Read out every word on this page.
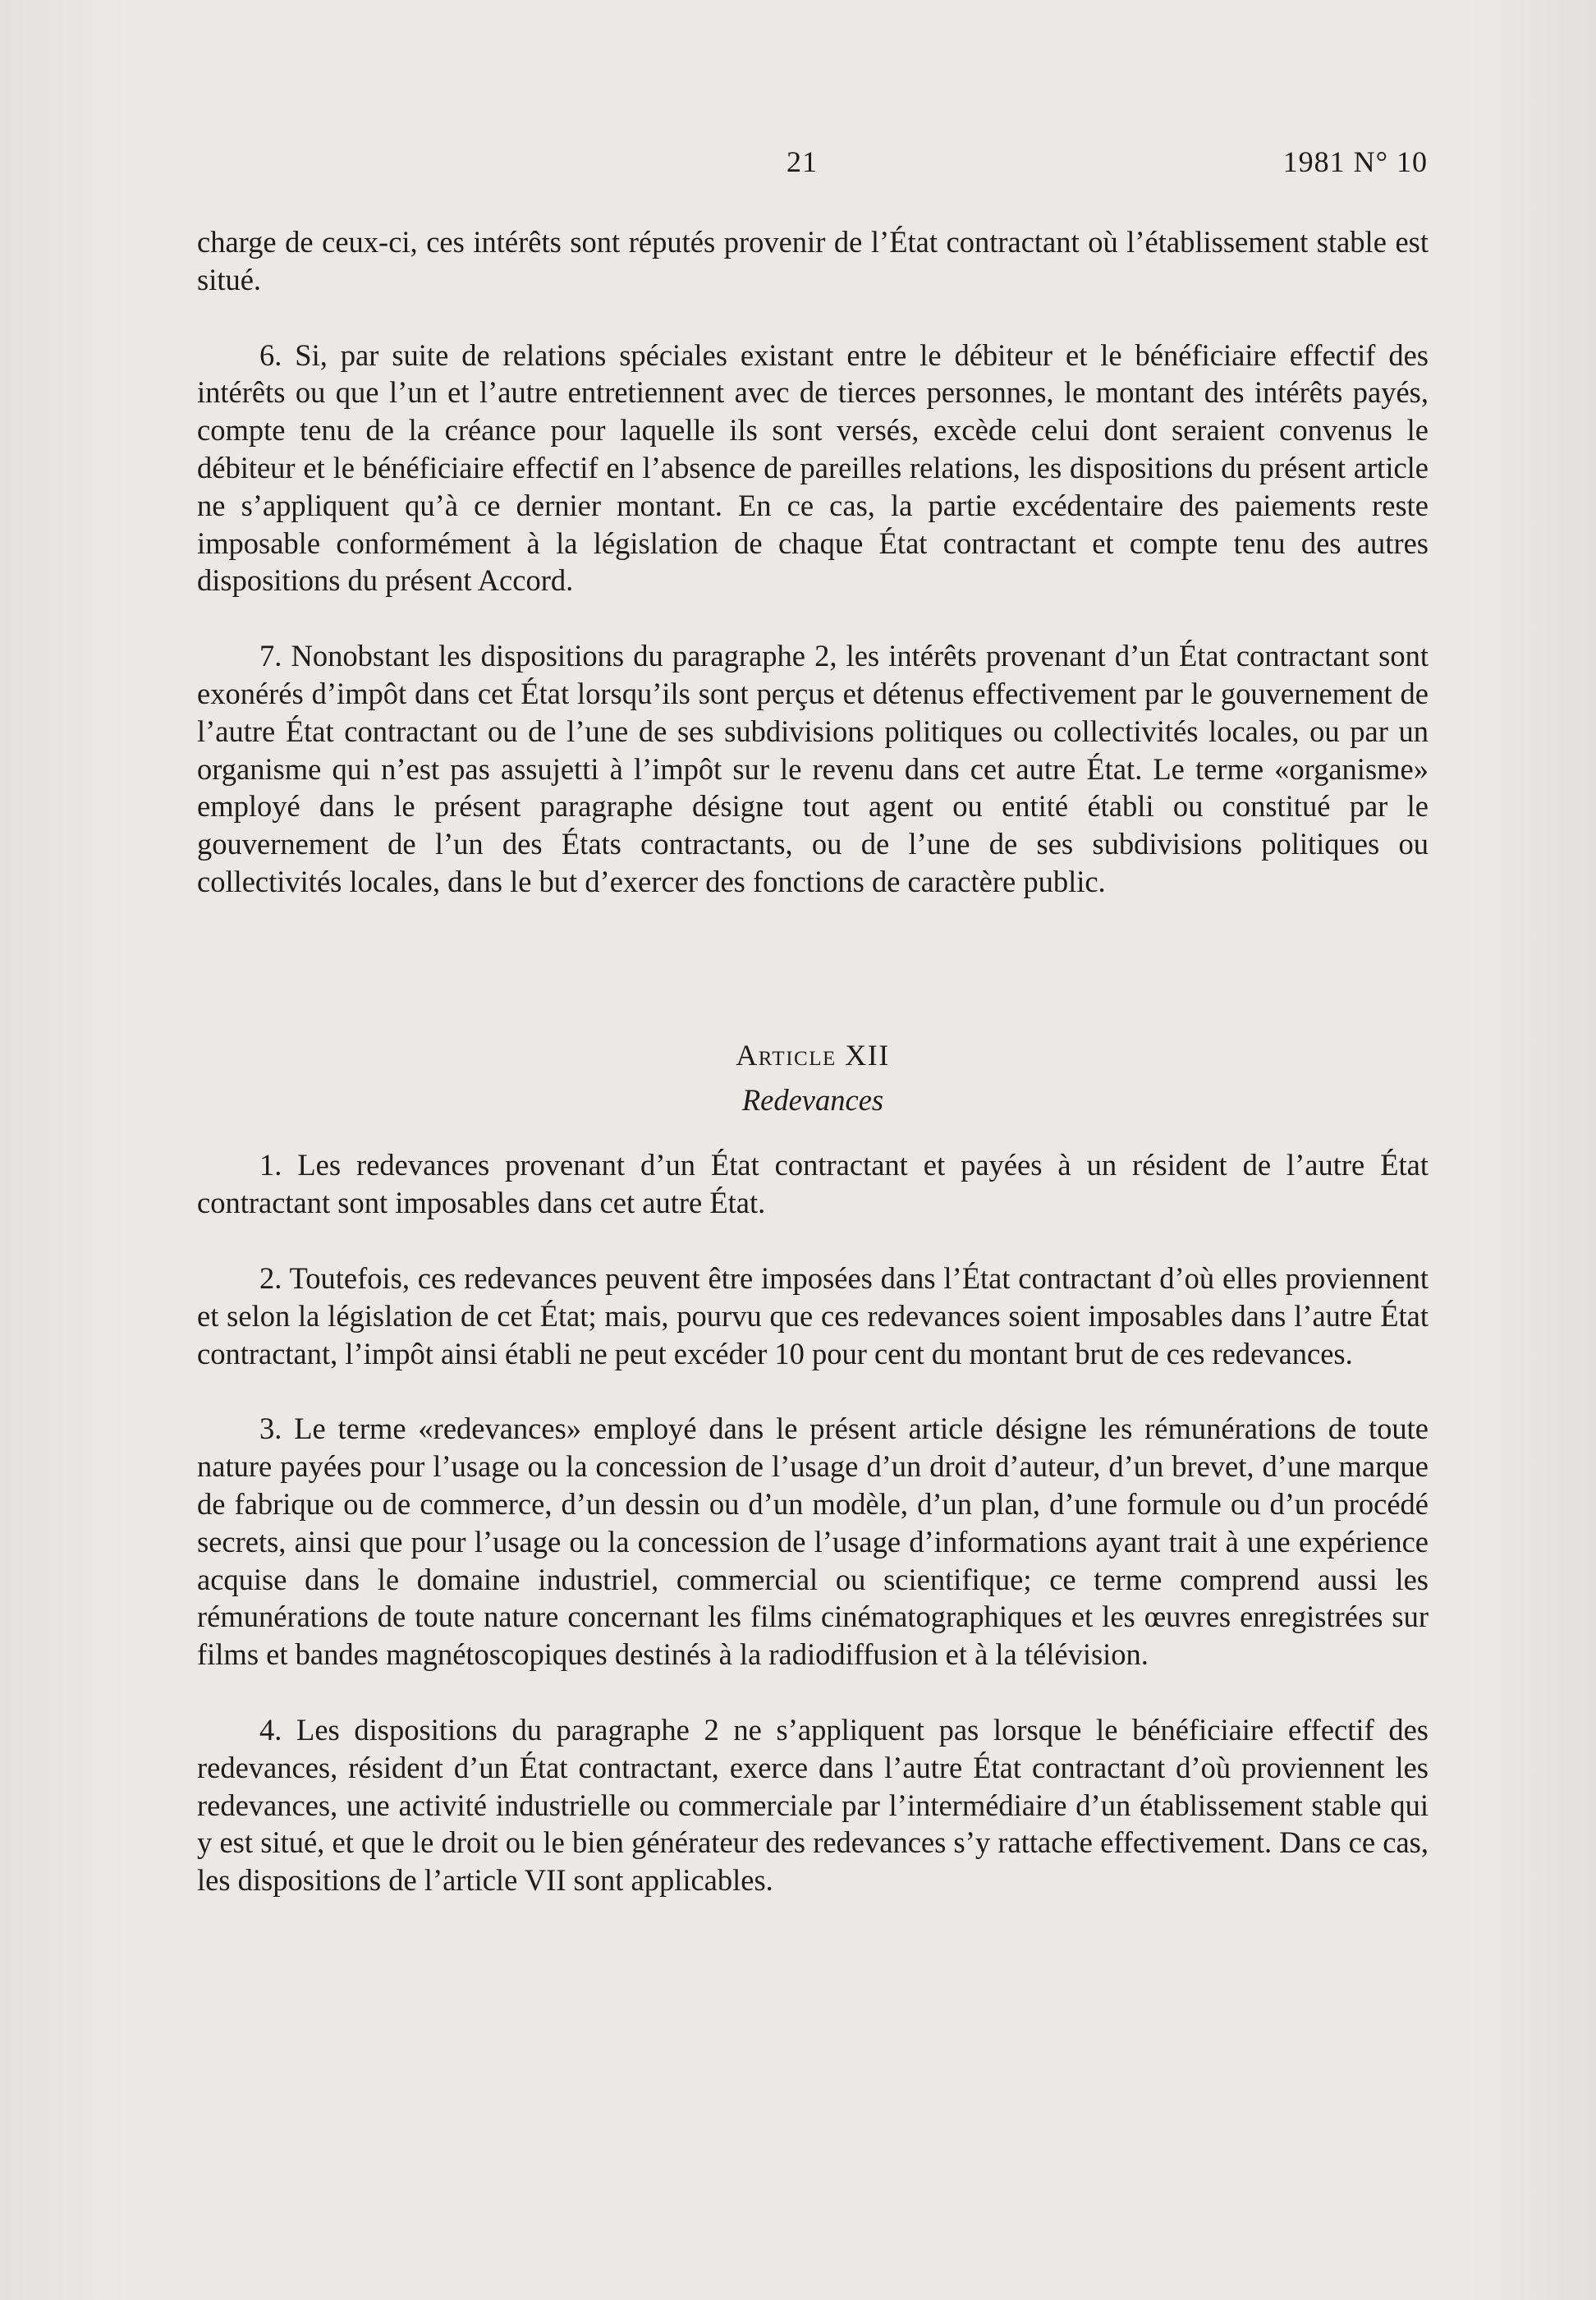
21	1981 N° 10

charge de ceux-ci, ces intérêts sont réputés provenir de l’État contractant où l’établissement stable est situé.

6. Si, par suite de relations spéciales existant entre le débiteur et le bénéficiaire effectif des intérêts ou que l’un et l’autre entretiennent avec de tierces personnes, le montant des intérêts payés, compte tenu de la créance pour laquelle ils sont versés, excède celui dont seraient convenus le débiteur et le bénéficiaire effectif en l’absence de pareilles relations, les dispositions du présent article ne s’appliquent qu’à ce dernier montant. En ce cas, la partie excédentaire des paiements reste imposable conformément à la législation de chaque État contractant et compte tenu des autres dispositions du présent Accord.

7. Nonobstant les dispositions du paragraphe 2, les intérêts provenant d’un État contractant sont exonérés d’impôt dans cet État lorsqu’ils sont perçus et détenus effectivement par le gouvernement de l’autre État contractant ou de l’une de ses subdivisions politiques ou collectivités locales, ou par un organisme qui n’est pas assujetti à l’impôt sur le revenu dans cet autre État. Le terme «organisme» employé dans le présent paragraphe désigne tout agent ou entité établi ou constitué par le gouvernement de l’un des États contractants, ou de l’une de ses subdivisions politiques ou collectivités locales, dans le but d’exercer des fonctions de caractère public.

Article XII

Redevances

1. Les redevances provenant d’un État contractant et payées à un résident de l’autre État contractant sont imposables dans cet autre État.

2. Toutefois, ces redevances peuvent être imposées dans l’État contractant d’où elles proviennent et selon la législation de cet État; mais, pourvu que ces redevances soient imposables dans l’autre État contractant, l’impôt ainsi établi ne peut excéder 10 pour cent du montant brut de ces redevances.

3. Le terme «redevances» employé dans le présent article désigne les rémunérations de toute nature payées pour l’usage ou la concession de l’usage d’un droit d’auteur, d’un brevet, d’une marque de fabrique ou de commerce, d’un dessin ou d’un modèle, d’un plan, d’une formule ou d’un procédé secrets, ainsi que pour l’usage ou la concession de l’usage d’informations ayant trait à une expérience acquise dans le domaine industriel, commercial ou scientifique; ce terme comprend aussi les rémunérations de toute nature concernant les films cinématographiques et les œuvres enregistrées sur films et bandes magnétoscopiques destinés à la radiodiffusion et à la télévision.

4. Les dispositions du paragraphe 2 ne s’appliquent pas lorsque le bénéficiaire effectif des redevances, résident d’un État contractant, exerce dans l’autre État contractant d’où proviennent les redevances, une activité industrielle ou commerciale par l’intermédiaire d’un établissement stable qui y est situé, et que le droit ou le bien générateur des redevances s’y rattache effectivement. Dans ce cas, les dispositions de l’article VII sont applicables.
